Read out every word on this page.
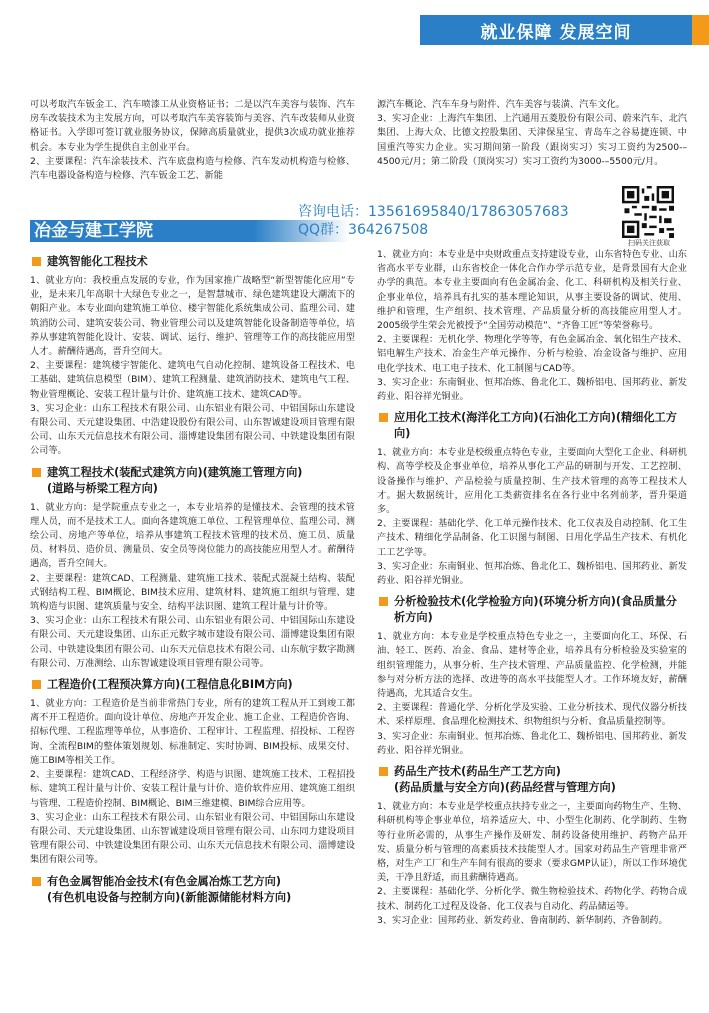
就业保障 发展空间

可以考取汽车钣金工、汽车喷漆工从业资格证书；二是以汽车美容与装饰、汽车房车改装技术为主发展方向，可以考取汽车美容装饰与美容、汽车改装师从业资格证书。入学即可签订就业服务协议，保障高质量就业，提供3次成功就业推荐机会。本专业为学生提供自主创业平台。

2、主要课程：汽车涂装技术、汽车底盘构造与检修、汽车发动机构造与检修、汽车电器设备构造与检修、汽车钣金工艺、新能

源汽车概论、汽车车身与附件、汽车美容与装潢、汽车文化。

3、实习企业：上海汽车集团、上汽通用五菱股份有限公司、蔚来汽车、北汽集团、上海大众、比德文控股集团、天津保星宝、青岛车之谷易捷连锁、中国重汽等实力企业。实习期间第一阶段（跟岗实习）实习工资约为2500-–4500元/月；第二阶段（顶岗实习）实习工资约为3000-–5500元/月。

冶金与建工学院
咨询电话：13561695840/17863057683
QQ群：364267508
建筑智能化工程技术

1、就业方向：我校重点发展的专业，作为国家推广战略型“新型智能化应用”专业，是未来几年高职十大绿色专业之一，是智慧城市、绿色建筑建设大潮流下的朝阳产业。本专业面向建筑施工单位、楼宇智能化系统集成公司、监理公司、建筑消防公司、建筑安装公司、物业管理公司以及建筑智能化设备制造等单位，培养从事建筑智能化设计、安装、调试、运行、维护、管理等工作的高技能应用型人才。薪酬待遇高，晋升空间大。

2、主要课程：建筑楼宇智能化、建筑电气自动化控制、建筑设备工程技术、电工基础、建筑信息模型（BIM）、建筑工程测量、建筑消防技术、建筑电气工程、物业管理概论、安装工程计量与计价、建筑施工技术、建筑CAD等。

3、实习企业：山东工程技术有限公司、山东铝业有限公司、中铝国际山东建设有限公司、天元建设集团、中浩建设股份有限公司、山东智诚建设项目管理有限公司、山东天元信息技术有限公司、淄博建设集团有限公司、中铁建设集团有限公司等。

建筑工程技术(装配式建筑方向)(建筑施工管理方向)
(道路与桥梁工程方向)

1、就业方向：是学院重点专业之一，本专业培养的是懂技术、会管理的技术管理人员，而不是技术工人。面向各建筑施工单位、工程管理单位、监理公司、测绘公司、房地产等单位，培养从事建筑工程技术管理的技术员、施工员、质量员、材料员、造价员、测量员、安全员等岗位能力的高技能应用型人才。薪酬待遇高，晋升空间大。

2、主要课程：建筑CAD、工程测量、建筑施工技术、装配式混凝土结构、装配式钢结构工程、BIM概论、BIM技术应用、建筑材料、建筑施工组织与管理、建筑构造与识图、建筑质量与安全、结构平法识图、建筑工程计量与计价等。

3、实习企业：山东工程技术有限公司、山东铝业有限公司、中铝国际山东建设有限公司、天元建设集团、山东正元数字城市建设有限公司、淄博建设集团有限公司、中铁建设集团有限公司、山东天元信息技术有限公司、山东航宇数字勘测有限公司、万准测绘、山东智诚建设项目管理有限公司等。

工程造价(工程预决算方向)(工程信息化BIM方向)

1、就业方向：工程造价是当前非常热门专业，所有的建筑工程从开工到竣工都离不开工程造价。面向设计单位、房地产开发企业、施工企业、工程造价咨询、招标代理、工程监理等单位，从事造价、工程审计、工程监理、招投标、工程咨询、全流程BIM的整体策划规划、标准制定、实时协调、BIM投标、成果交付、施工BIM等相关工作。

2、主要课程：建筑CAD、工程经济学、构造与识图、建筑施工技术、工程招投标、建筑工程计量与计价、安装工程计量与计价、造价软件应用、建筑施工组织与管理、工程造价控制、BIM概论、BIM三维建模、BIM综合应用等。

3、实习企业：山东工程技术有限公司、山东铝业有限公司、中铝国际山东建设有限公司、天元建设集团、山东智诚建设项目管理有限公司、山东同力建设项目管理有限公司、中铁建设集团有限公司、山东天元信息技术有限公司、淄博建设集团有限公司等。

有色金属智能冶金技术(有色金属冶炼工艺方向)
(有色机电设备与控制方向)(新能源储能材料方向)

1、就业方向：本专业是中央财政重点支持建设专业，山东省特色专业、山东省高水平专业群，山东省校企一体化合作办学示范专业，是背景国有大企业办学的典范。本专业主要面向有色金属冶金、化工、科研机构及相关行业、企事业单位，培养具有扎实的基本理论知识，从事主要设备的调试、使用、维护和管理，生产组织、技术管理、产品质量分析的高技能应用型人才。2005级学生荣会光被授予“全国劳动模范”、“齐鲁工匠”等荣誉称号。

2、主要课程：无机化学、物理化学等等，有色金属冶金、氧化铝生产技术、铝电解生产技术、冶金生产单元操作、分析与检验、冶金设备与维护、应用电化学技术、电工电子技术、化工制图与CAD等。

3、实习企业：东南铜业、恒邦冶炼、鲁北化工、魏桥铝电、国邦药业、新发药业、阳谷祥光铜业。

应用化工技术(海洋化工方向)(石油化工方向)(精细化工方向)

1、就业方向：本专业是校级重点特色专业，主要面向大型化工企业、科研机构、高等学校及企事业单位，培养从事化工产品的研制与开发、工艺控制、设备操作与维护、产品检验与质量控制、生产技术管理的高等工程技术人才。据大数据统计，应用化工类薪资排名在各行业中名列前茅，晋升渠道多。

2、主要课程：基础化学、化工单元操作技术、化工仪表及自动控制、化工生产技术、精细化学品制备、化工识图与制图、日用化学品生产技术、有机化工工艺学等。

3、实习企业：东南铜业、恒邦冶炼、鲁北化工、魏桥铝电、国邦药业、新发药业、阳谷祥光铜业。

分析检验技术(化学检验方向)(环境分析方向)(食品质量分析方向)

1、就业方向：本专业是学校重点特色专业之一，主要面向化工、环保、石油、轻工、医药、冶金、食品、建材等企业，培养具有分析检验及实验室的组织管理能力，从事分析、生产技术管理、产品质量监控、化学检测，并能参与对分析方法的选择、改进等的高水平技能型人才。工作环境友好，薪酬待遇高，尤其适合女生。

2、主要课程：普通化学、分析化学及实验、工业分析技术、现代仪器分析技术、采样原理、食品理化检测技术、织物组织与分析、食品质量控制等。

3、实习企业：东南铜业、恒邦冶炼、鲁北化工、魏桥铝电、国邦药业、新发药业、阳谷祥光铜业。

药品生产技术(药品生产工艺方向)
(药品质量与安全方向)(药品经营与管理方向)

1、就业方向：本专业是学校重点扶持专业之一，主要面向药物生产、生物、科研机构等企事业单位，培养适应大、中、小型生化制药、化学制药、生物等行业所必需的，从事生产操作及研发、制药设备使用维护、药物产品开发、质量分析与管理的高素质技术技能型人才。国家对药品生产管理非常严格，对生产工厂和生产车间有很高的要求（要求GMP认证），所以工作环境优美，干净且舒适，而且薪酬待遇高。

2、主要课程：基础化学、分析化学、微生物检验技术、药物化学、药物合成技术、制药化工过程及设备、化工仪表与自动化、药品储运等。

3、实习企业：国邦药业、新发药业、鲁南制药、新华制药、齐鲁制药。

扫码关注获取
